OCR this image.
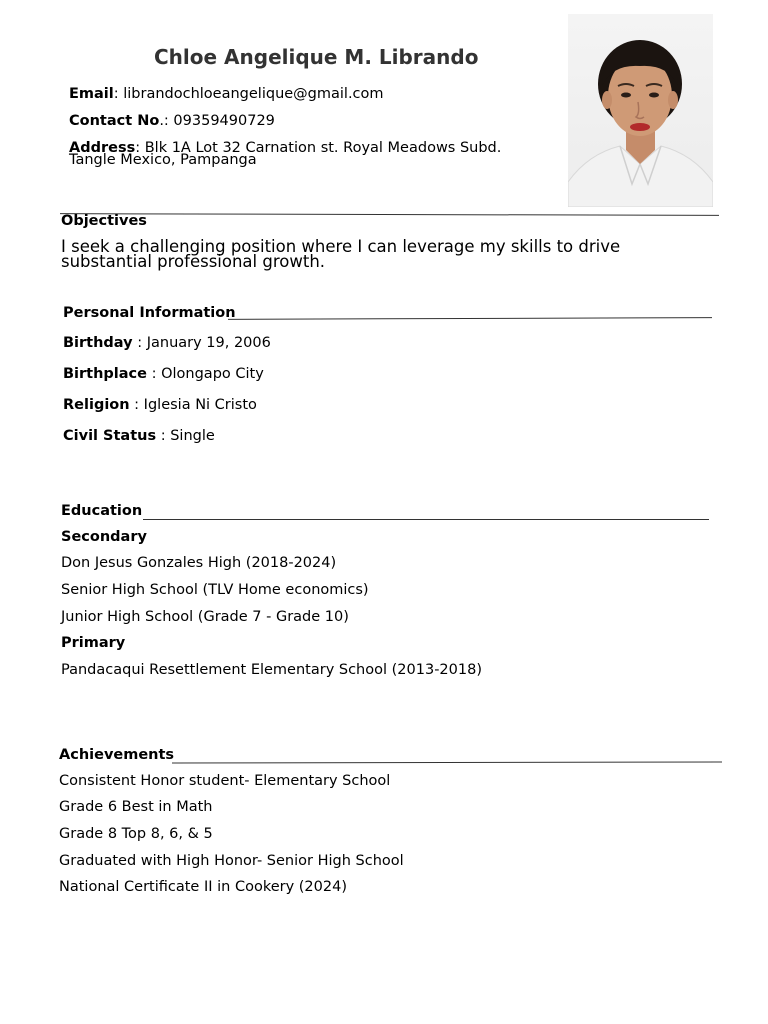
Chloe Angelique M. Librando
Email: librandochloeangelique@gmail.com
Contact No.: 09359490729
Address: Blk 1A Lot 32 Carnation st. Royal Meadows Subd.
Tangle Mexico, Pampanga
Objectives
I seek a challenging position where I can leverage my skills to drive substantial professional growth.
Personal Information
Birthday : January 19, 2006
Birthplace : Olongapo City
Religion : Iglesia Ni Cristo
Civil Status : Single
Education
Secondary
Don Jesus Gonzales High (2018-2024)
Senior High School (TLV Home economics)
Junior High School (Grade 7 - Grade 10)
Primary
Pandacaqui Resettlement Elementary School (2013-2018)
Achievements
Consistent Honor student- Elementary School
Grade 6 Best in Math
Grade 8 Top 8, 6, & 5
Graduated with High Honor- Senior High School
National Certificate II in Cookery (2024)
